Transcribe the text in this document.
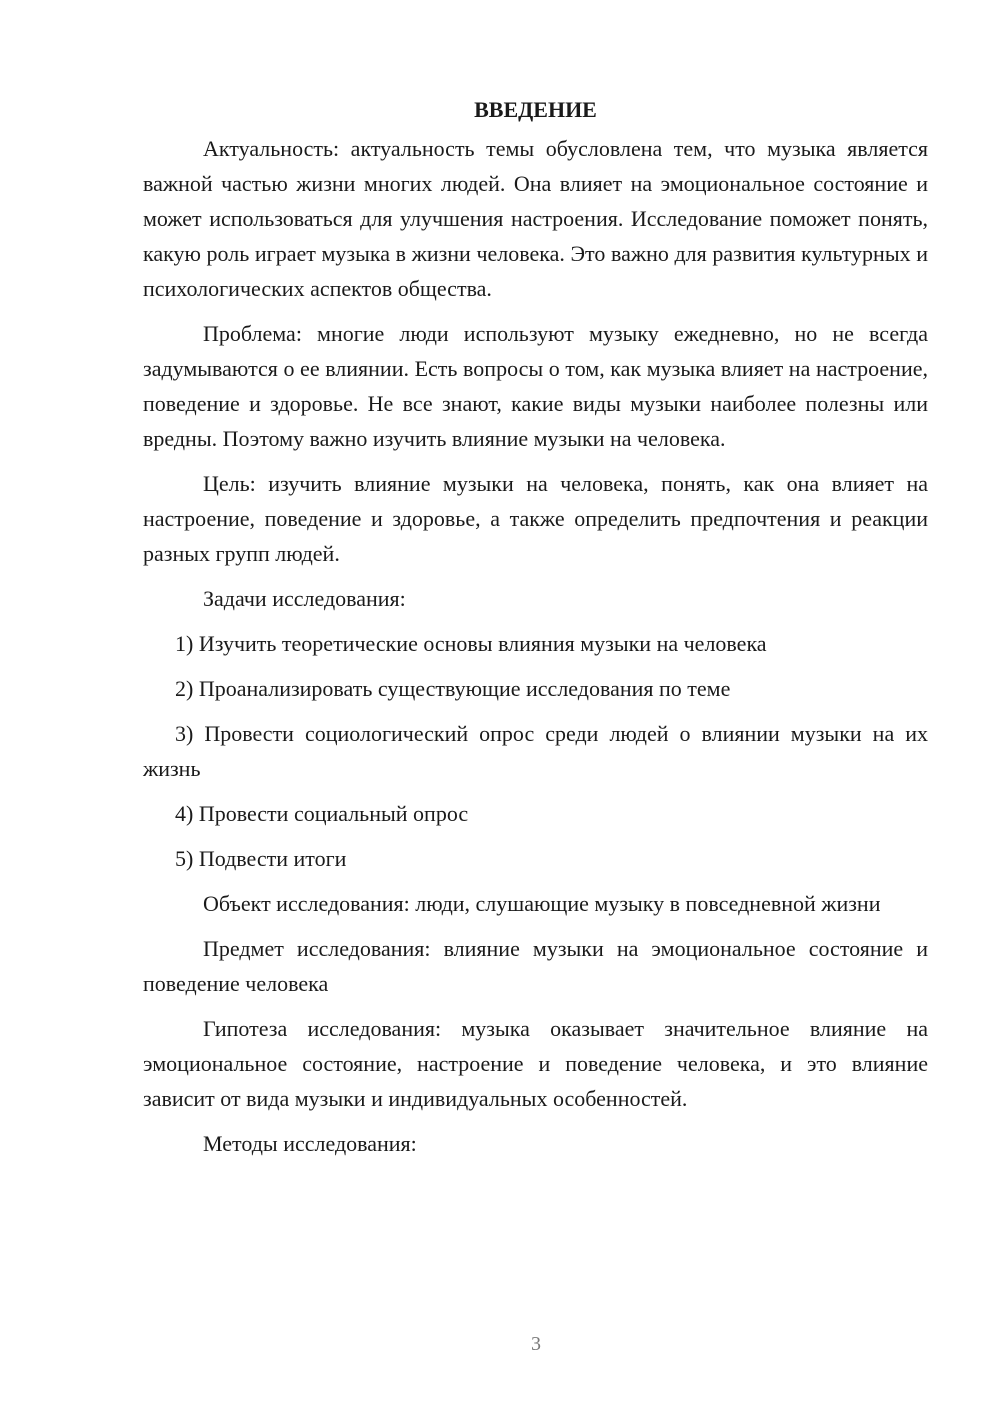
ВВЕДЕНИЕ

Актуальность: актуальность темы обусловлена тем, что музыка является важной частью жизни многих людей. Она влияет на эмоциональное состояние и может использоваться для улучшения настроения. Исследование поможет понять, какую роль играет музыка в жизни человека. Это важно для развития культурных и психологических аспектов общества.

Проблема: многие люди используют музыку ежедневно, но не всегда задумываются о ее влиянии. Есть вопросы о том, как музыка влияет на настроение, поведение и здоровье. Не все знают, какие виды музыки наиболее полезны или вредны. Поэтому важно изучить влияние музыки на человека.

Цель: изучить влияние музыки на человека, понять, как она влияет на настроение, поведение и здоровье, а также определить предпочтения и реакции разных групп людей.

Задачи исследования:

1) Изучить теоретические основы влияния музыки на человека

2) Проанализировать существующие исследования по теме

3) Провести социологический опрос среди людей о влиянии музыки на их жизнь

4) Провести социальный опрос

5) Подвести итоги

Объект исследования: люди, слушающие музыку в повседневной жизни

Предмет исследования: влияние музыки на эмоциональное состояние и поведение человека

Гипотеза исследования: музыка оказывает значительное влияние на эмоциональное состояние, настроение и поведение человека, и это влияние зависит от вида музыки и индивидуальных особенностей.

Методы исследования:

3
